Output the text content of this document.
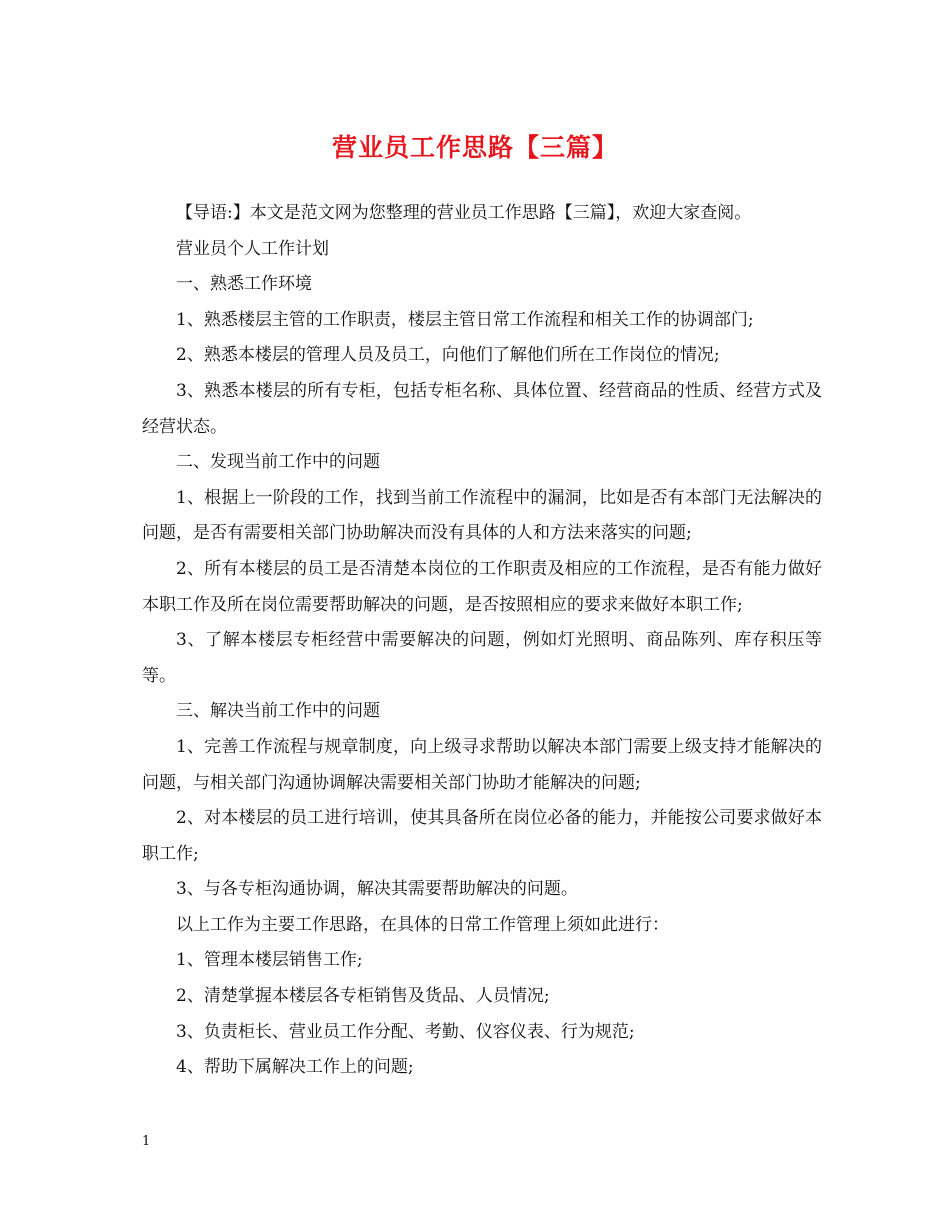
营业员工作思路【三篇】

【导语:】本文是范文网为您整理的营业员工作思路【三篇】，欢迎大家查阅。

营业员个人工作计划

一、熟悉工作环境

1、熟悉楼层主管的工作职责，楼层主管日常工作流程和相关工作的协调部门;

2、熟悉本楼层的管理人员及员工，向他们了解他们所在工作岗位的情况;

3、熟悉本楼层的所有专柜，包括专柜名称、具体位置、经营商品的性质、经营方式及经营状态。

二、发现当前工作中的问题

1、根据上一阶段的工作，找到当前工作流程中的漏洞，比如是否有本部门无法解决的问题，是否有需要相关部门协助解决而没有具体的人和方法来落实的问题;

2、所有本楼层的员工是否清楚本岗位的工作职责及相应的工作流程，是否有能力做好本职工作及所在岗位需要帮助解决的问题，是否按照相应的要求来做好本职工作;

3、了解本楼层专柜经营中需要解决的问题，例如灯光照明、商品陈列、库存积压等等。

三、解决当前工作中的问题

1、完善工作流程与规章制度，向上级寻求帮助以解决本部门需要上级支持才能解决的问题，与相关部门沟通协调解决需要相关部门协助才能解决的问题;

2、对本楼层的员工进行培训，使其具备所在岗位必备的能力，并能按公司要求做好本职工作;

3、与各专柜沟通协调，解决其需要帮助解决的问题。

以上工作为主要工作思路，在具体的日常工作管理上须如此进行：

1、管理本楼层销售工作;

2、清楚掌握本楼层各专柜销售及货品、人员情况;

3、负责柜长、营业员工作分配、考勤、仪容仪表、行为规范;

4、帮助下属解决工作上的问题;

1
